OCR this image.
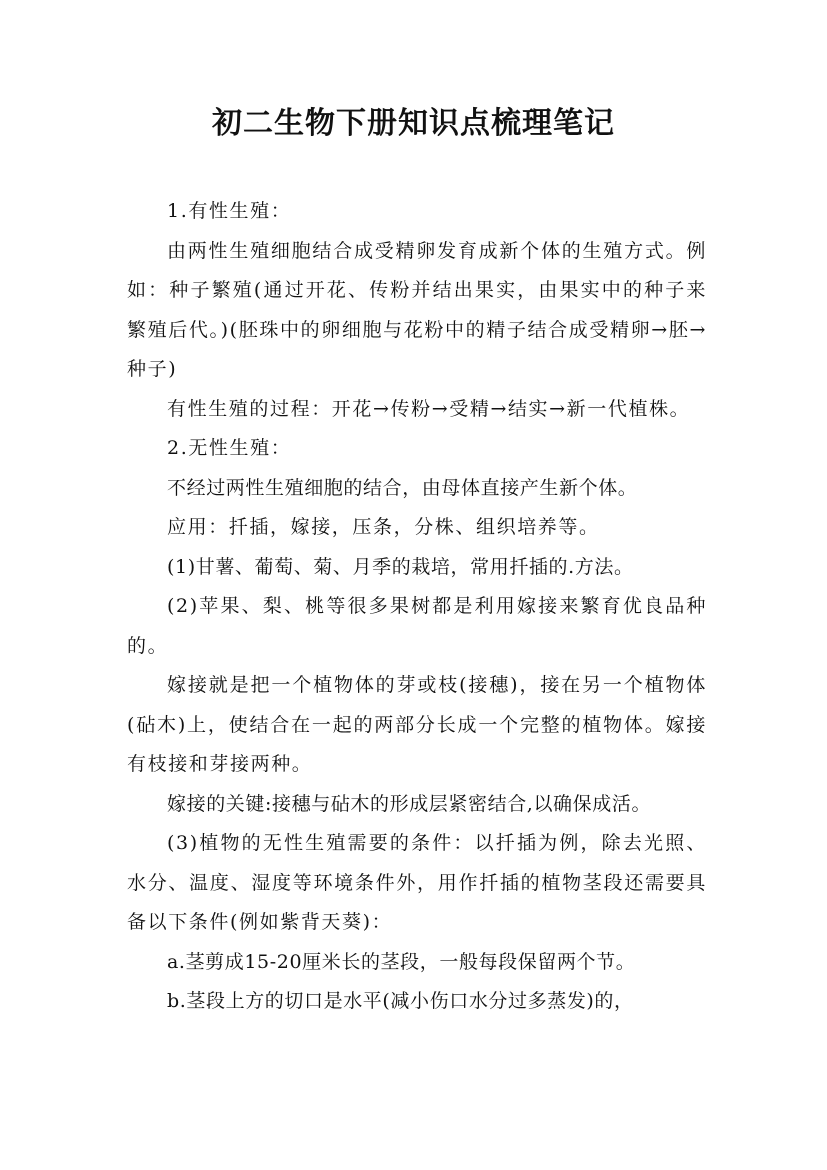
初二生物下册知识点梳理笔记

1.有性生殖：

由两性生殖细胞结合成受精卵发育成新个体的生殖方式。例如：种子繁殖(通过开花、传粉并结出果实，由果实中的种子来繁殖后代。)(胚珠中的卵细胞与花粉中的精子结合成受精卵→胚→种子)

有性生殖的过程：开花→传粉→受精→结实→新一代植株。

2.无性生殖：

不经过两性生殖细胞的结合，由母体直接产生新个体。

应用：扦插，嫁接，压条，分株、组织培养等。

(1)甘薯、葡萄、菊、月季的栽培，常用扦插的.方法。

(2)苹果、梨、桃等很多果树都是利用嫁接来繁育优良品种的。

嫁接就是把一个植物体的芽或枝(接穗)，接在另一个植物体(砧木)上，使结合在一起的两部分长成一个完整的植物体。嫁接有枝接和芽接两种。

嫁接的关键:接穗与砧木的形成层紧密结合,以确保成活。

(3)植物的无性生殖需要的条件：以扦插为例，除去光照、水分、温度、湿度等环境条件外，用作扦插的植物茎段还需要具备以下条件(例如紫背天葵)：

a.茎剪成15-20厘米长的茎段，一般每段保留两个节。

b.茎段上方的切口是水平(减小伤口水分过多蒸发)的，
